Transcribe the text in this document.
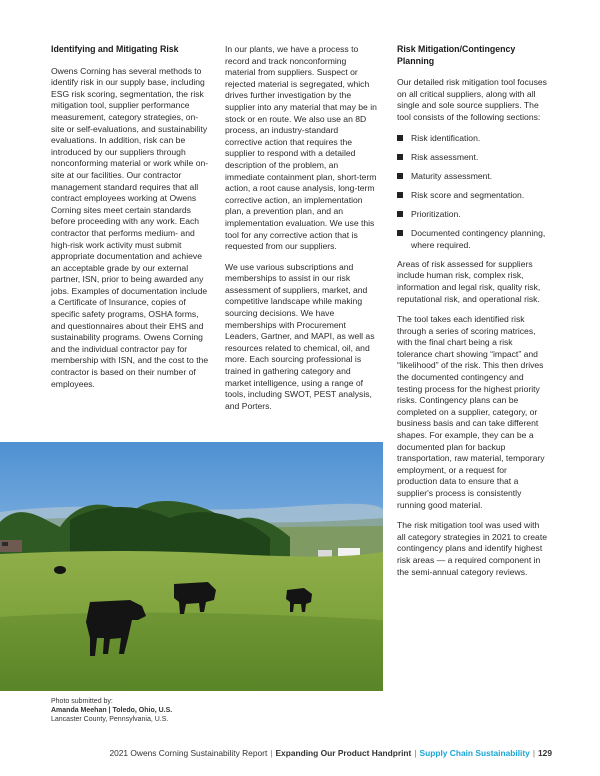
Identifying and Mitigating Risk

Owens Corning has several methods to identify risk in our supply base, including ESG risk scoring, segmentation, the risk mitigation tool, supplier performance measurement, category strategies, on-site or self-evaluations, and sustainability evaluations. In addition, risk can be introduced by our suppliers through nonconforming material or work while on-site at our facilities. Our contractor management standard requires that all contract employees working at Owens Corning sites meet certain standards before proceeding with any work. Each contractor that performs medium- and high-risk work activity must submit appropriate documentation and achieve an acceptable grade by our external partner, ISN, prior to being awarded any jobs. Examples of documentation include a Certificate of Insurance, copies of specific safety programs, OSHA forms, and questionnaires about their EHS and sustainability programs. Owens Corning and the individual contractor pay for membership with ISN, and the cost to the contractor is based on their number of employees.

In our plants, we have a process to record and track nonconforming material from suppliers. Suspect or rejected material is segregated, which drives further investigation by the supplier into any material that may be in stock or en route. We also use an 8D process, an industry-standard corrective action that requires the supplier to respond with a detailed description of the problem, an immediate containment plan, short-term action, a root cause analysis, long-term corrective action, an implementation plan, a prevention plan, and an implementation evaluation. We use this tool for any corrective action that is requested from our suppliers.

We use various subscriptions and memberships to assist in our risk assessment of suppliers, market, and competitive landscape while making sourcing decisions. We have memberships with Procurement Leaders, Gartner, and MAPI, as well as resources related to chemical, oil, and more. Each sourcing professional is trained in gathering category and market intelligence, using a range of tools, including SWOT, PEST analysis, and Porters.

Risk Mitigation/Contingency Planning

Our detailed risk mitigation tool focuses on all critical suppliers, along with all single and sole source suppliers. The tool consists of the following sections:

Risk identification.
Risk assessment.
Maturity assessment.
Risk score and segmentation.
Prioritization.
Documented contingency planning, where required.

Areas of risk assessed for suppliers include human risk, complex risk, information and legal risk, quality risk, reputational risk, and operational risk.

The tool takes each identified risk through a series of scoring matrices, with the final chart being a risk tolerance chart showing “impact” and “likelihood” of the risk. This then drives the documented contingency and testing process for the highest priority risks. Contingency plans can be completed on a supplier, category, or business basis and can take different shapes. For example, they can be a documented plan for backup transportation, raw material, temporary employment, or a request for production data to ensure that a supplier's process is consistently running good material.

The risk mitigation tool was used with all category strategies in 2021 to create contingency plans and identify highest risk areas — a required component in the semi-annual category reviews.

Photo submitted by:
Amanda Meehan | Toledo, Ohio, U.S.
Lancaster County, Pennsylvania, U.S.
2021 Owens Corning Sustainability Report | Expanding Our Product Handprint | Supply Chain Sustainability | 129
